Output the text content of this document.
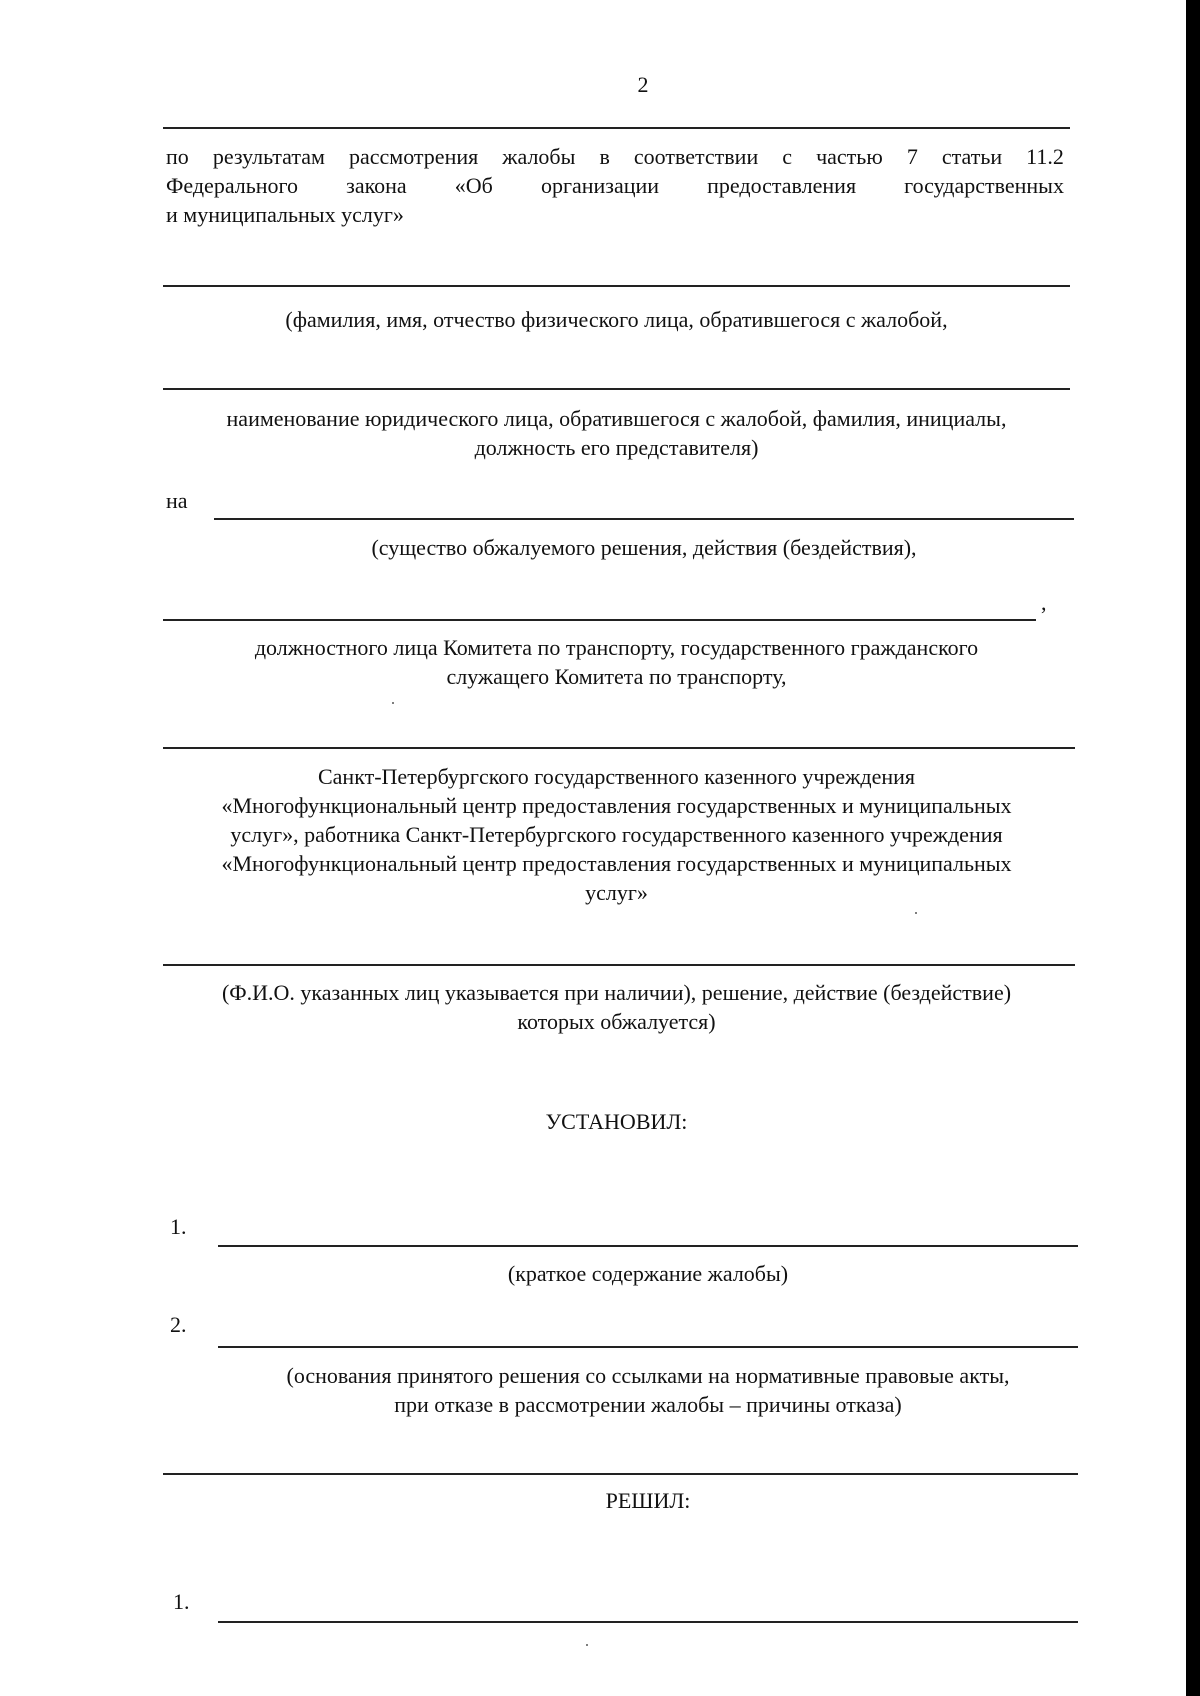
2
по результатам рассмотрения жалобы в соответствии с частью 7 статьи 11.2
Федерального закона «Об организации предоставления государственных
и муниципальных услуг»
(фамилия, имя, отчество физического лица, обратившегося с жалобой,
наименование юридического лица, обратившегося с жалобой, фамилия, инициалы,
должность его представителя)
на
(существо обжалуемого решения, действия (бездействия),
,
должностного лица Комитета по транспорту, государственного гражданского
служащего Комитета по транспорту,
Санкт-Петербургского государственного казенного учреждения
«Многофункциональный центр предоставления государственных и муниципальных
услуг», работника Санкт-Петербургского государственного казенного учреждения
«Многофункциональный центр предоставления государственных и муниципальных
услуг»
(Ф.И.О. указанных лиц указывается при наличии), решение, действие (бездействие)
которых обжалуется)
УСТАНОВИЛ:
1.
(краткое содержание жалобы)
2.
(основания принятого решения со ссылками на нормативные правовые акты,
при отказе в рассмотрении жалобы – причины отказа)
РЕШИЛ:
1.
